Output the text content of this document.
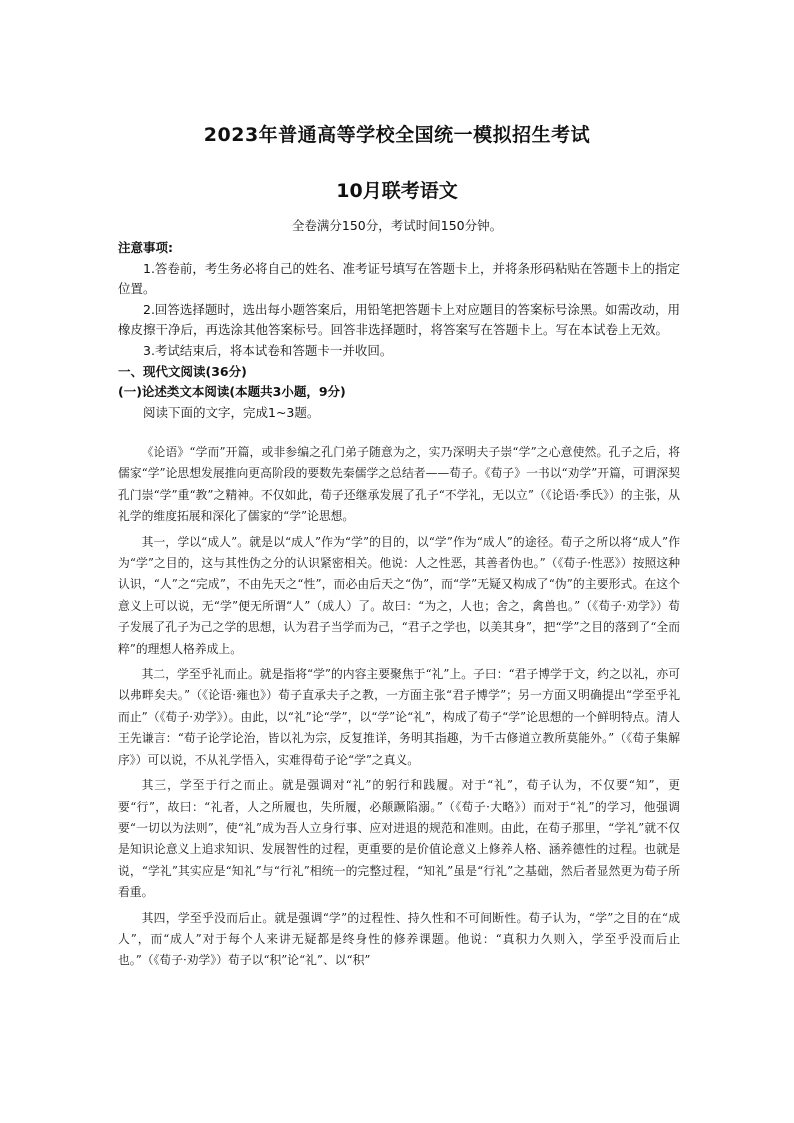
2023年普通高等学校全国统一模拟招生考试
10月联考语文
全卷满分150分，考试时间150分钟。

注意事项:

1.答卷前，考生务必将自己的姓名、准考证号填写在答题卡上，并将条形码粘贴在答题卡上的指定位置。

2.回答选择题时，选出每小题答案后，用铅笔把答题卡上对应题目的答案标号涂黑。如需改动，用橡皮擦干净后，再选涂其他答案标号。回答非选择题时，将答案写在答题卡上。写在本试卷上无效。

3.考试结束后，将本试卷和答题卡一并收回。

一、现代文阅读(36分)

(一)论述类文本阅读(本题共3小题，9分)

阅读下面的文字，完成1~3题。

《论语》“学而”开篇，或非参编之孔门弟子随意为之，实乃深明夫子崇“学”之心意使然。孔子之后，将儒家“学”论思想发展推向更高阶段的要数先秦儒学之总结者——荀子。《荀子》一书以“劝学”开篇，可谓深契孔门崇“学”重“教”之精神。不仅如此，荀子还继承发展了孔子“不学礼，无以立”（《论语·季氏》）的主张，从礼学的维度拓展和深化了儒家的“学”论思想。

其一，学以“成人”。就是以“成人”作为“学”的目的，以“学”作为“成人”的途径。荀子之所以将“成人”作为“学”之目的，这与其性伪之分的认识紧密相关。他说：人之性恶，其善者伪也。”（《荀子·性恶》）按照这种认识，“人”之“完成”，不由先天之“性”，而必由后天之“伪”，而“学”无疑又构成了“伪”的主要形式。在这个意义上可以说，无“学”便无所谓“人”（成人）了。故曰：“为之，人也；舍之，禽兽也。”（《荀子·劝学》）荀子发展了孔子为己之学的思想，认为君子当学而为己，“君子之学也，以美其身”，把“学”之目的落到了“全而粹”的理想人格养成上。

其二，学至乎礼而止。就是指将“学”的内容主要聚焦于“礼”上。子曰：“君子博学于文，约之以礼，亦可以弗畔矣夫。”（《论语·雍也》）荀子直承夫子之教，一方面主张“君子博学”；另一方面又明确提出“学至乎礼而止”（《荀子·劝学》）。由此，以“礼”论“学”，以“学”论“礼”，构成了荀子“学”论思想的一个鲜明特点。清人王先谦言：“荀子论学论治，皆以礼为宗，反复推详，务明其指趣，为千古修道立教所莫能外。”（《荀子集解序》）可以说，不从礼学悟入，实难得荀子论“学”之真义。

其三，学至于行之而止。就是强调对“礼”的躬行和践履。对于“礼”，荀子认为，不仅要“知”，更要“行”，故曰：“礼者，人之所履也，失所履，必颠蹶陷溺。”（《荀子·大略》）而对于“礼”的学习，他强调要“一切以为法则”，使“礼”成为吾人立身行事、应对进退的规范和准则。由此，在荀子那里，“学礼”就不仅是知识论意义上追求知识、发展智性的过程，更重要的是价值论意义上修养人格、涵养德性的过程。也就是说，“学礼”其实应是“知礼”与“行礼”相统一的完整过程，“知礼”虽是“行礼”之基础，然后者显然更为荀子所看重。

其四，学至乎没而后止。就是强调“学”的过程性、持久性和不可间断性。荀子认为，“学”之目的在“成人”，而“成人”对于每个人来讲无疑都是终身性的修养课题。他说：“真积力久则入，学至乎没而后止也。”（《荀子·劝学》）荀子以“积”论“礼”、以“积”
